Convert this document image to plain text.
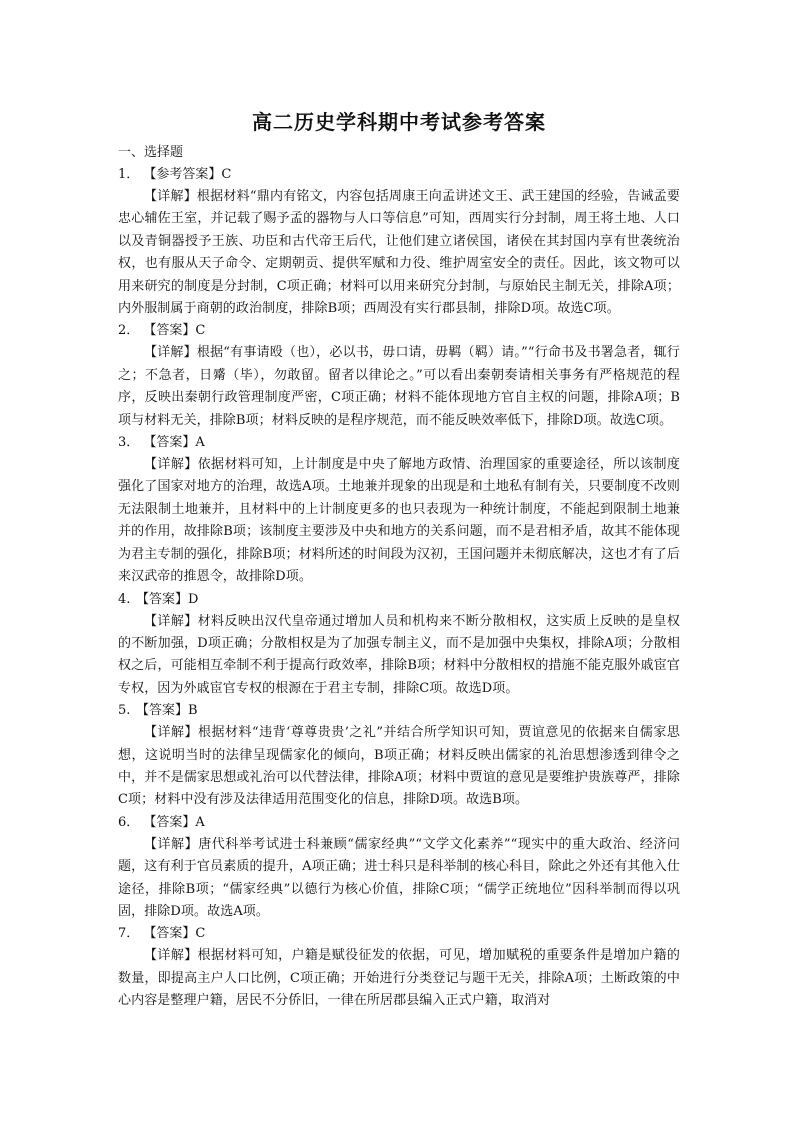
高二历史学科期中考试参考答案

一、选择题

1． 【参考答案】C

【详解】根据材料“鼎内有铭文，内容包括周康王向孟讲述文王、武王建国的经验，告诫孟要忠心辅佐王室，并记载了赐予孟的器物与人口等信息”可知，西周实行分封制，周王将土地、人口以及青铜器授予王族、功臣和古代帝王后代，让他们建立诸侯国，诸侯在其封国内享有世袭统治权，也有服从天子命令、定期朝贡、提供军赋和力役、维护周室安全的责任。因此，该文物可以用来研究的制度是分封制，C项正确；材料可以用来研究分封制，与原始民主制无关，排除A项；内外服制属于商朝的政治制度，排除B项；西周没有实行郡县制，排除D项。故选C项。

2． 【答案】C

【详解】根据“有事请殴（也），必以书，毋口请，毋羁（羁）请。”“行命书及书署急者，辄行之；不急者，日觱（毕），勿敢留。留者以律论之。”可以看出秦朝奏请相关事务有严格规范的程序，反映出秦朝行政管理制度严密，C项正确；材料不能体现地方官自主权的问题，排除A项；B项与材料无关，排除B项；材料反映的是程序规范，而不能反映效率低下，排除D项。故选C项。

3． 【答案】A

【详解】依据材料可知，上计制度是中央了解地方政情、治理国家的重要途径，所以该制度强化了国家对地方的治理，故选A项。土地兼并现象的出现是和土地私有制有关，只要制度不改则无法限制土地兼并，且材料中的上计制度更多的也只表现为一种统计制度，不能起到限制土地兼并的作用，故排除B项；该制度主要涉及中央和地方的关系问题，而不是君相矛盾，故其不能体现为君主专制的强化，排除B项；材料所述的时间段为汉初，王国问题并未彻底解决，这也才有了后来汉武帝的推恩令，故排除D项。

4. 【答案】D

【详解】材料反映出汉代皇帝通过增加人员和机构来不断分散相权，这实质上反映的是皇权的不断加强，D项正确；分散相权是为了加强专制主义，而不是加强中央集权，排除A项；分散相权之后，可能相互牵制不利于提高行政效率，排除B项；材料中分散相权的措施不能克服外戚宦官专权，因为外戚宦官专权的根源在于君主专制，排除C项。故选D项。

5. 【答案】B

【详解】根据材料“违背‘尊尊贵贵’之礼”并结合所学知识可知，贾谊意见的依据来自儒家思想，这说明当时的法律呈现儒家化的倾向，B项正确；材料反映出儒家的礼治思想渗透到律令之中，并不是儒家思想或礼治可以代替法律，排除A项；材料中贾谊的意见是要维护贵族尊严，排除C项；材料中没有涉及法律适用范围变化的信息，排除D项。故选B项。

6． 【答案】A

【详解】唐代科举考试进士科兼顾“儒家经典”“文学文化素养”“现实中的重大政治、经济问题，这有利于官员素质的提升，A项正确；进士科只是科举制的核心科目，除此之外还有其他入仕途径，排除B项；“儒家经典”以德行为核心价值，排除C项；“儒学正统地位”因科举制而得以巩固，排除D项。故选A项。

7． 【答案】C

【详解】根据材料可知，户籍是赋役征发的依据，可见，增加赋税的重要条件是增加户籍的数量，即提高主户人口比例，C项正确；开始进行分类登记与题干无关，排除A项；土断政策的中心内容是整理户籍，居民不分侨旧，一律在所居郡县编入正式户籍，取消对
